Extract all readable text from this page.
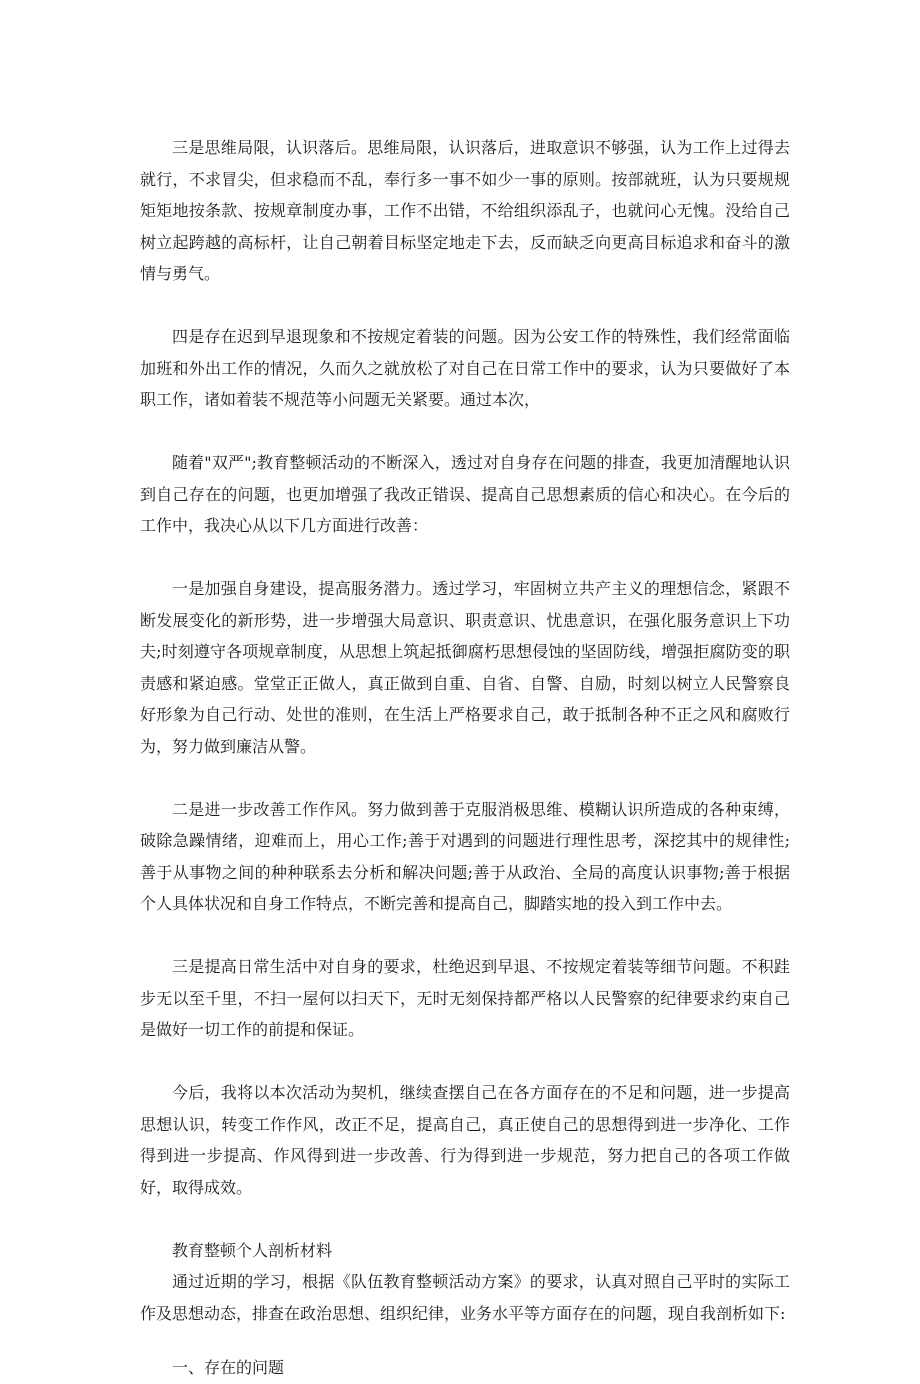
三是思维局限，认识落后。思维局限，认识落后，进取意识不够强，认为工作上过得去就行，不求冒尖，但求稳而不乱，奉行多一事不如少一事的原则。按部就班，认为只要规规矩矩地按条款、按规章制度办事，工作不出错，不给组织添乱子，也就问心无愧。没给自己树立起跨越的高标杆，让自己朝着目标坚定地走下去，反而缺乏向更高目标追求和奋斗的激情与勇气。

四是存在迟到早退现象和不按规定着装的问题。因为公安工作的特殊性，我们经常面临加班和外出工作的情况，久而久之就放松了对自己在日常工作中的要求，认为只要做好了本职工作，诸如着装不规范等小问题无关紧要。通过本次，

随着"双严";教育整顿活动的不断深入，透过对自身存在问题的排查，我更加清醒地认识到自己存在的问题，也更加增强了我改正错误、提高自己思想素质的信心和决心。在今后的工作中，我决心从以下几方面进行改善：

一是加强自身建设，提高服务潜力。透过学习，牢固树立共产主义的理想信念，紧跟不断发展变化的新形势，进一步增强大局意识、职责意识、忧患意识，在强化服务意识上下功夫;时刻遵守各项规章制度，从思想上筑起抵御腐朽思想侵蚀的坚固防线，增强拒腐防变的职责感和紧迫感。堂堂正正做人，真正做到自重、自省、自警、自励，时刻以树立人民警察良好形象为自己行动、处世的准则，在生活上严格要求自己，敢于抵制各种不正之风和腐败行为，努力做到廉洁从警。

二是进一步改善工作作风。努力做到善于克服消极思维、模糊认识所造成的各种束缚，破除急躁情绪，迎难而上，用心工作;善于对遇到的问题进行理性思考，深挖其中的规律性;善于从事物之间的种种联系去分析和解决问题;善于从政治、全局的高度认识事物;善于根据个人具体状况和自身工作特点，不断完善和提高自己，脚踏实地的投入到工作中去。

三是提高日常生活中对自身的要求，杜绝迟到早退、不按规定着装等细节问题。不积跬步无以至千里，不扫一屋何以扫天下，无时无刻保持都严格以人民警察的纪律要求约束自己是做好一切工作的前提和保证。

今后，我将以本次活动为契机，继续查摆自己在各方面存在的不足和问题，进一步提高思想认识，转变工作作风，改正不足，提高自己，真正使自己的思想得到进一步净化、工作得到进一步提高、作风得到进一步改善、行为得到进一步规范，努力把自己的各项工作做好，取得成效。

教育整顿个人剖析材料

通过近期的学习，根据《队伍教育整顿活动方案》的要求，认真对照自己平时的实际工作及思想动态，排查在政治思想、组织纪律，业务水平等方面存在的问题，现自我剖析如下:

一、存在的问题
